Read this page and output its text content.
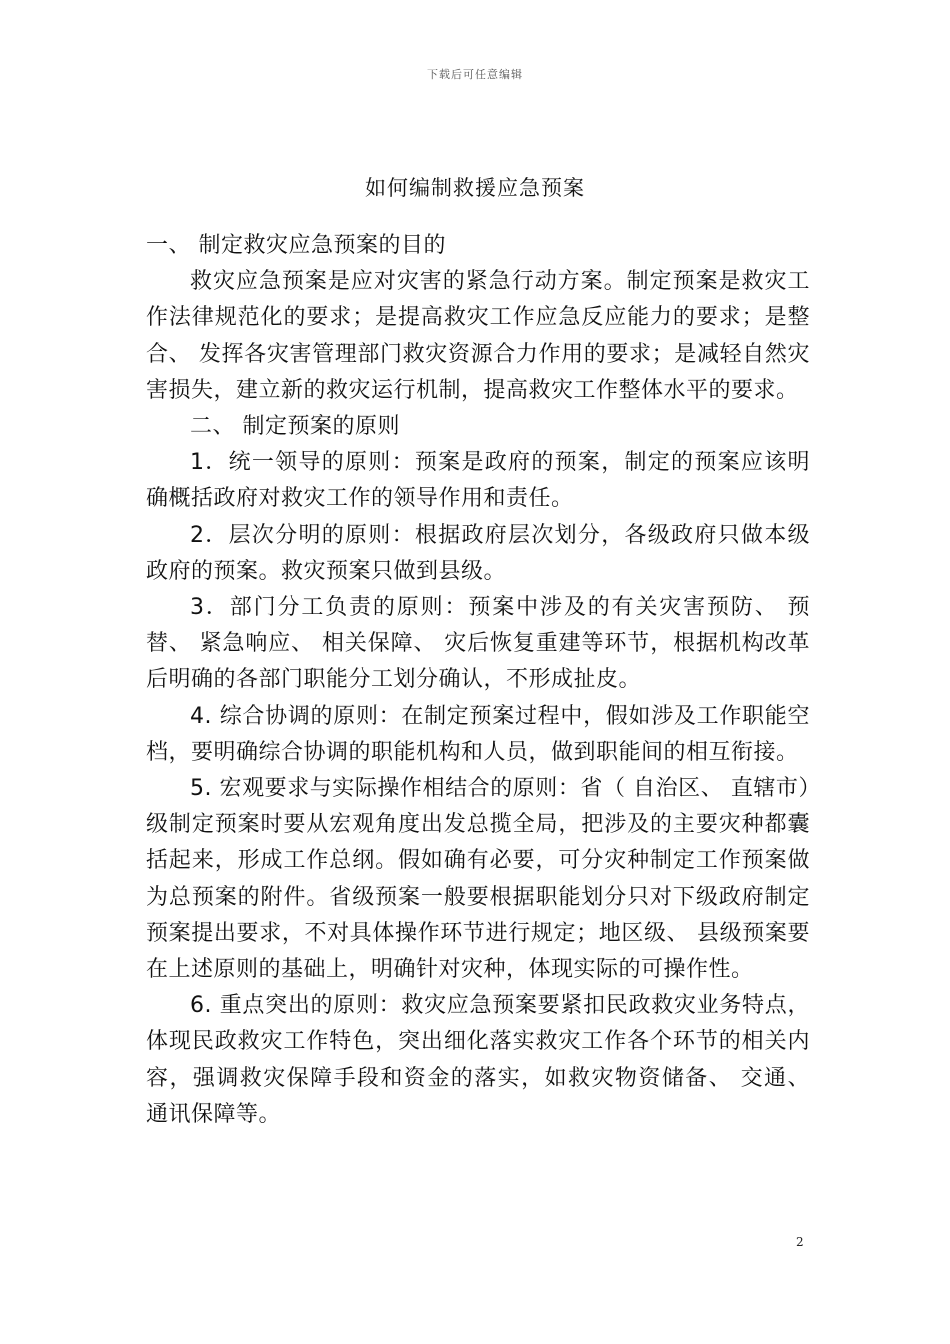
下载后可任意编辑
如何编制救援应急预案

一、 制定救灾应急预案的目的

救灾应急预案是应对灾害的紧急行动方案。制定预案是救灾工作法律规范化的要求；是提高救灾工作应急反应能力的要求；是整合、 发挥各灾害管理部门救灾资源合力作用的要求；是减轻自然灾害损失，建立新的救灾运行机制，提高救灾工作整体水平的要求。

二、 制定预案的原则

1．统一领导的原则：预案是政府的预案，制定的预案应该明确概括政府对救灾工作的领导作用和责任。

2．层次分明的原则：根据政府层次划分，各级政府只做本级政府的预案。救灾预案只做到县级。

3．部门分工负责的原则：预案中涉及的有关灾害预防、 预替、 紧急响应、 相关保障、 灾后恢复重建等环节，根据机构改革后明确的各部门职能分工划分确认，不形成扯皮。

4. 综合协调的原则：在制定预案过程中，假如涉及工作职能空档，要明确综合协调的职能机构和人员，做到职能间的相互衔接。

5. 宏观要求与实际操作相结合的原则：省（ 自治区、 直辖市）级制定预案时要从宏观角度出发总揽全局，把涉及的主要灾种都囊括起来，形成工作总纲。假如确有必要，可分灾种制定工作预案做为总预案的附件。省级预案一般要根据职能划分只对下级政府制定预案提出要求，不对具体操作环节进行规定；地区级、 县级预案要在上述原则的基础上，明确针对灾种，体现实际的可操作性。

6. 重点突出的原则：救灾应急预案要紧扣民政救灾业务特点， 体现民政救灾工作特色，突出细化落实救灾工作各个环节的相关内容，强调救灾保障手段和资金的落实，如救灾物资储备、 交通、 通讯保障等。

2
